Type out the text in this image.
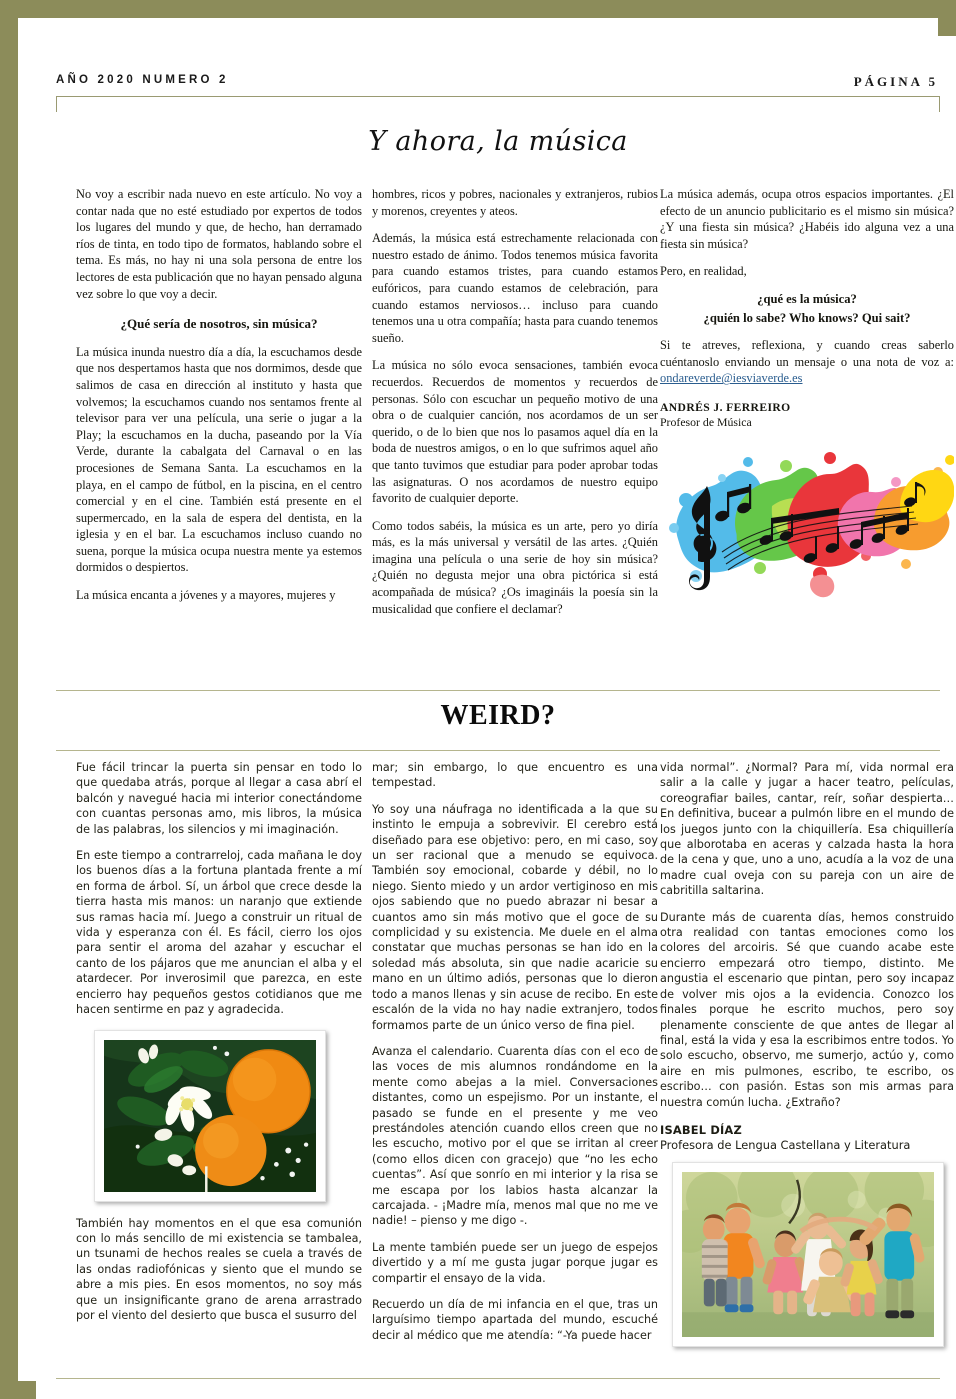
AÑO 2020 NUMERO 2	PÁGINA 5
Y ahora, la música

No voy a escribir nada nuevo en este artículo. No voy a contar nada que no esté estudiado por expertos de todos los lugares del mundo y que, de hecho, han derramado ríos de tinta, en todo tipo de formatos, hablando sobre el tema. Es más, no hay ni una sola persona de entre los lectores de esta publicación que no hayan pensado alguna vez sobre lo que voy a decir.

¿Qué sería de nosotros, sin música?

La música inunda nuestro día a día, la escuchamos desde que nos despertamos hasta que nos dormimos, desde que salimos de casa en dirección al instituto y hasta que volvemos; la escuchamos cuando nos sentamos frente al televisor para ver una película, una serie o jugar a la Play; la escuchamos en la ducha, paseando por la Vía Verde, durante la cabalgata del Carnaval o en las procesiones de Semana Santa. La escuchamos en la playa, en el campo de fútbol, en la piscina, en el centro comercial y en el cine. También está presente en el supermercado, en la sala de espera del dentista, en la iglesia y en el bar. La escuchamos incluso cuando no suena, porque la música ocupa nuestra mente ya estemos dormidos o despiertos.

La música encanta a jóvenes y a mayores, mujeres y

hombres, ricos y pobres, nacionales y extranjeros, rubios y morenos, creyentes y ateos.

Además, la música está estrechamente relacionada con nuestro estado de ánimo. Todos tenemos música favorita para cuando estamos tristes, para cuando estamos eufóricos, para cuando estamos de celebración, para cuando estamos nerviosos… incluso para cuando tenemos una u otra compañía; hasta para cuando tenemos sueño.

La música no sólo evoca sensaciones, también evoca recuerdos. Recuerdos de momentos y recuerdos de personas. Sólo con escuchar un pequeño motivo de una obra o de cualquier canción, nos acordamos de un ser querido, o de lo bien que nos lo pasamos aquel día en la boda de nuestros amigos, o en lo que sufrimos aquel año que tanto tuvimos que estudiar para poder aprobar todas las asignaturas. O nos acordamos de nuestro equipo favorito de cualquier deporte.

Como todos sabéis, la música es un arte, pero yo diría más, es la más universal y versátil de las artes. ¿Quién imagina una película o una serie de hoy sin música? ¿Quién no degusta mejor una obra pictórica si está acompañada de música? ¿Os imagináis la poesía sin la musicalidad que confiere el declamar?

La música además, ocupa otros espacios importantes. ¿El efecto de un anuncio publicitario es el mismo sin música? ¿Y una fiesta sin música? ¿Habéis ido alguna vez a una fiesta sin música?

Pero, en realidad,

¿qué es la música?

¿quién lo sabe? Who knows? Qui sait?

Si te atreves, reflexiona, y cuando creas saberlo cuéntanoslo enviando un mensaje o una nota de voz a: ondareverde@iesviaverde.es

ANDRÉS J. FERREIRO
Profesor de Música
WEIRD?

Fue fácil trincar la puerta sin pensar en todo lo que quedaba atrás, porque al llegar a casa abrí el balcón y navegué hacia mi interior conectándome con cuantas personas amo, mis libros, la música de las palabras, los silencios y mi imaginación.

En este tiempo a contrarreloj, cada mañana le doy los buenos días a la fortuna plantada frente a mí en forma de árbol. Sí, un árbol que crece desde la tierra hasta mis manos: un naranjo que extiende sus ramas hacia mí. Juego a construir un ritual de vida y esperanza con él. Es fácil, cierro los ojos para sentir el aroma del azahar y escuchar el canto de los pájaros que me anuncian el alba y el atardecer. Por inverosimil que parezca, en este encierro hay pequeños gestos cotidianos que me hacen sentirme en paz y agradecida.

También hay momentos en el que esa comunión con lo más sencillo de mi existencia se tambalea, un tsunami de hechos reales se cuela a través de las ondas radiofónicas y siento que el mundo se abre a mis pies. En esos momentos, no soy más que un insignificante grano de arena arrastrado por el viento del desierto que busca el susurro del

mar; sin embargo, lo que encuentro es una tempestad.

Yo soy una náufraga no identificada a la que su instinto le empuja a sobrevivir. El cerebro está diseñado para ese objetivo: pero, en mi caso, soy un ser racional que a menudo se equivoca. También soy emocional, cobarde y débil, no lo niego. Siento miedo y un ardor vertiginoso en mis ojos sabiendo que no puedo abrazar ni besar a cuantos amo sin más motivo que el goce de su complicidad y su existencia. Me duele en el alma constatar que muchas personas se han ido en la soledad más absoluta, sin que nadie acaricie su mano en un último adiós, personas que lo dieron todo a manos llenas y sin acuse de recibo. En este escalón de la vida no hay nadie extranjero, todos formamos parte de un único verso de fina piel.

Avanza el calendario. Cuarenta días con el eco de las voces de mis alumnos rondándome en la mente como abejas a la miel. Conversaciones distantes, como un espejismo. Por un instante, el pasado se funde en el presente y me veo prestándoles atención cuando ellos creen que no les escucho, motivo por el que se irritan al creer (como ellos dicen con gracejo) que “no les echo cuentas”. Así que sonrío en mi interior y la risa se me escapa por los labios hasta alcanzar la carcajada. - ¡Madre mía, menos mal que no me ve nadie! – pienso y me digo -.

La mente también puede ser un juego de espejos divertido y a mí me gusta jugar porque jugar es compartir el ensayo de la vida.

Recuerdo un día de mi infancia en el que, tras un larguísimo tiempo apartada del mundo, escuché decir al médico que me atendía: “-Ya puede hacer

vida normal”. ¿Normal? Para mí, vida normal era salir a la calle y jugar a hacer teatro, películas, coreografiar bailes, cantar, reír, soñar despierta… En definitiva, bucear a pulmón libre en el mundo de los juegos junto con la chiquillería. Esa chiquillería que alborotaba en aceras y calzada hasta la hora de la cena y que, uno a uno, acudía a la voz de una madre cual oveja con su pareja con un aire de cabritilla saltarina.

Durante más de cuarenta días, hemos construido otra realidad con tantas emociones como los colores del arcoiris. Sé que cuando acabe este encierro empezará otro tiempo, distinto. Me angustia el escenario que pintan, pero soy incapaz de volver mis ojos a la evidencia. Conozco los finales porque he escrito muchos, pero soy plenamente consciente de que antes de llegar al final, está la vida y esa la escribimos entre todos. Yo solo escucho, observo, me sumerjo, actúo y, como aire en mis pulmones, escribo, te escribo, os escribo… con pasión. Estas son mis armas para nuestra común lucha. ¿Extraño?

ISABEL DÍAZ
Profesora de Lengua Castellana y Literatura
